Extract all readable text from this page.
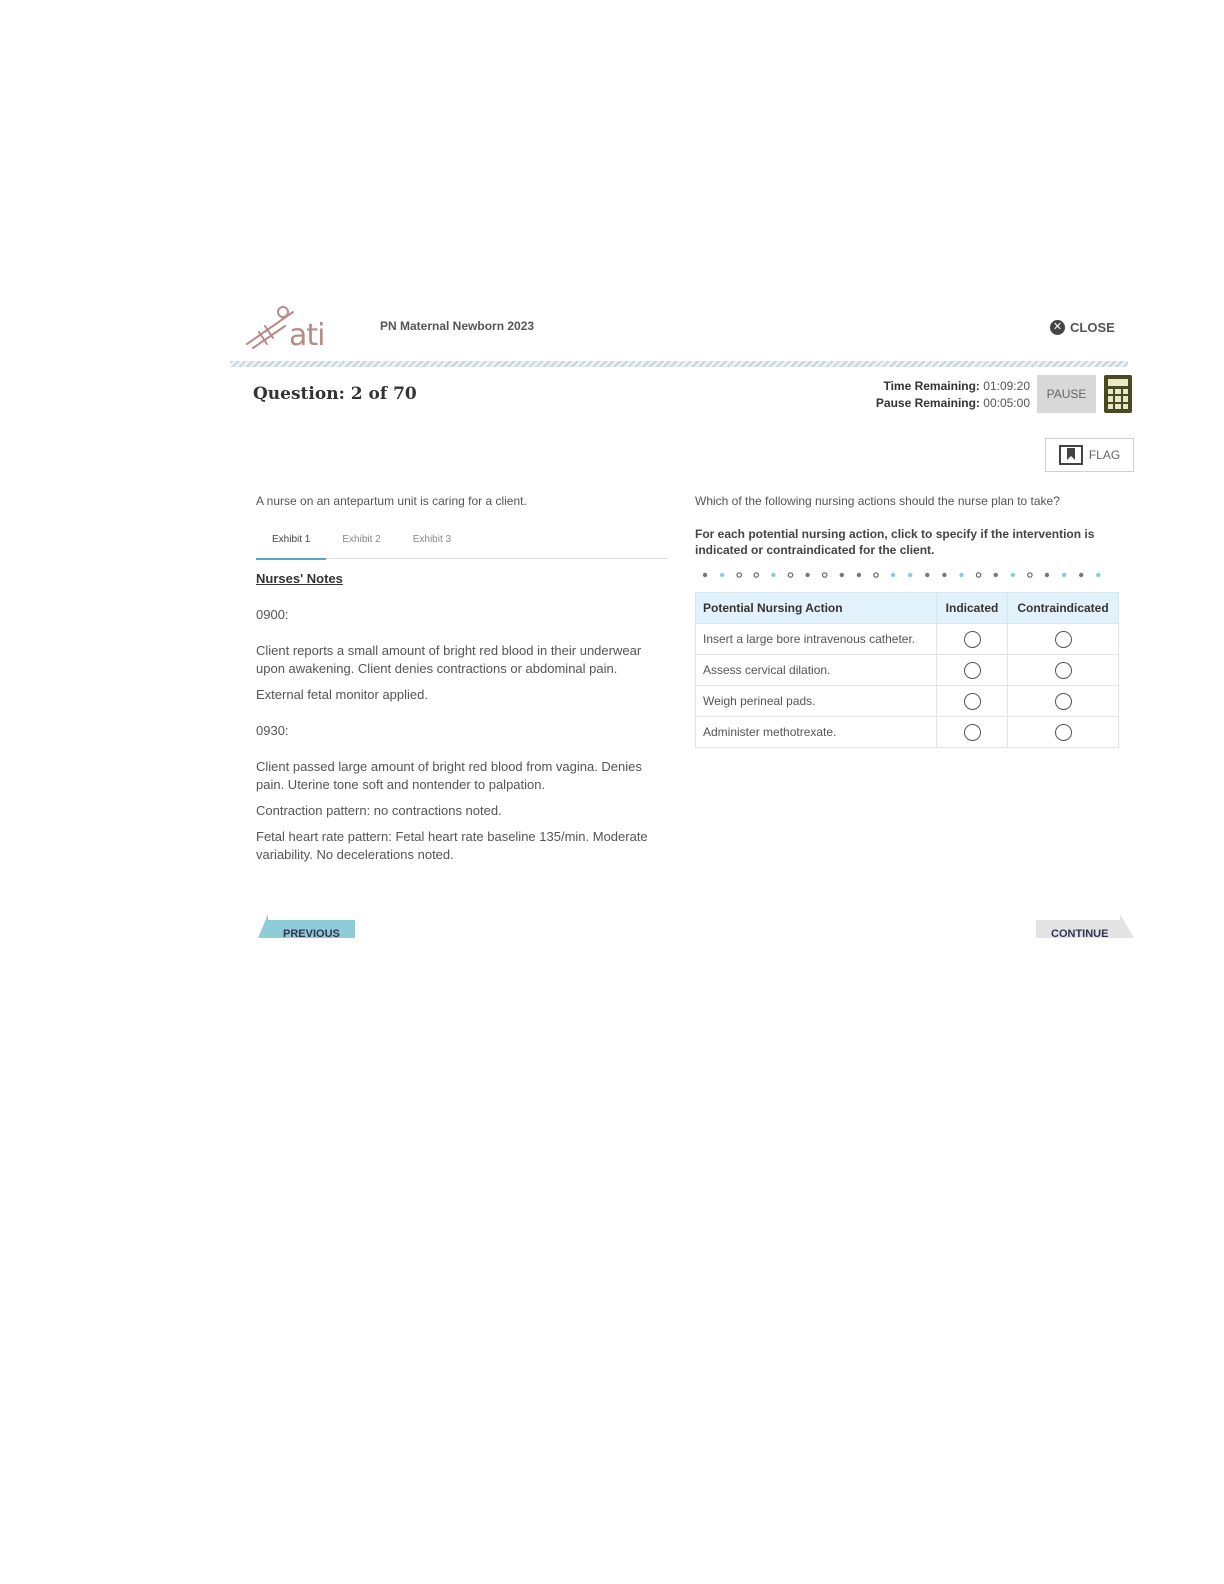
ati	PN Maternal Newborn 2023	✕ CLOSE
Question: 2 of 70	Time Remaining: 01:09:20
Pause Remaining: 00:05:00
PAUSE
FLAG
A nurse on an antepartum unit is caring for a client.
Exhibit 1	Exhibit 2	Exhibit 3
Nurses' Notes

0900:

Client reports a small amount of bright red blood in their underwear upon awakening. Client denies contractions or abdominal pain.

External fetal monitor applied.

0930:

Client passed large amount of bright red blood from vagina. Denies pain. Uterine tone soft and nontender to palpation.

Contraction pattern: no contractions noted.

Fetal heart rate pattern: Fetal heart rate baseline 135/min. Moderate variability. No decelerations noted.

Which of the following nursing actions should the nurse plan to take?
For each potential nursing action, click to specify if the intervention is indicated or contraindicated for the client.
Potential Nursing Action	Indicated	Contraindicated
Insert a large bore intravenous catheter.		
Assess cervical dilation.		
Weigh perineal pads.		
Administer methotrexate.		
PREVIOUS	CONTINUE
